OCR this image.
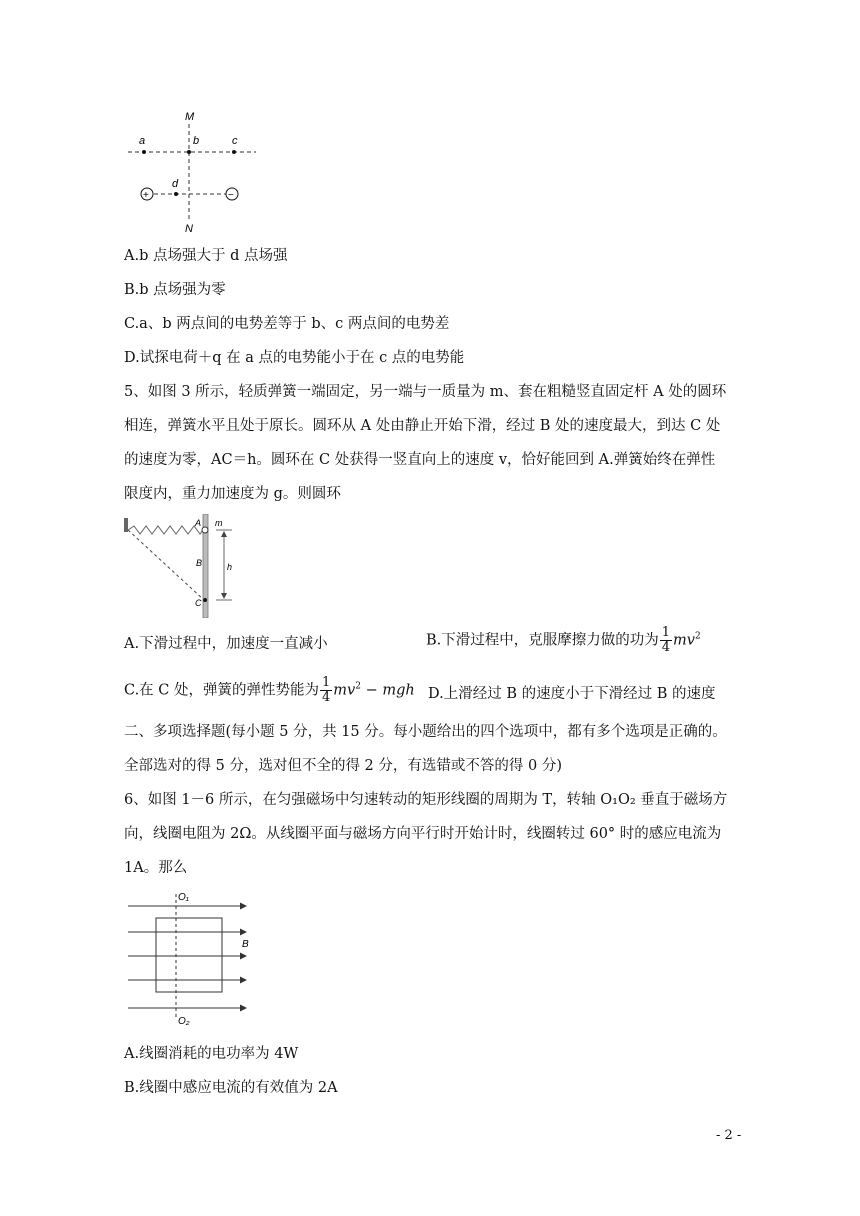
M
N
a	b	c
d
+	−
A.b 点场强大于 d 点场强
B.b 点场强为零
C.a、b 两点间的电势差等于 b、c 两点间的电势差
D.试探电荷＋q 在 a 点的电势能小于在 c 点的电势能
5、如图 3 所示，轻质弹簧一端固定，另一端与一质量为 m、套在粗糙竖直固定杆 A 处的圆环
相连，弹簧水平且处于原长。圆环从 A 处由静止开始下滑，经过 B 处的速度最大，到达 C 处
的速度为零，AC＝h。圆环在 C 处获得一竖直向上的速度 v，恰好能回到 A.弹簧始终在弹性
限度内，重力加速度为 g。则圆环
A m
B	h
C
A.下滑过程中，加速度一直减小	B.下滑过程中，克服摩擦力做的功为 $\frac{1}{4} mv^2$
C.在 C 处，弹簧的弹性势能为 $\frac{1}{4} mv^2$ − mgh D.上滑经过 B 的速度小于下滑经过 B 的速度
二、多项选择题(每小题 5 分，共 15 分。每小题给出的四个选项中，都有多个选项是正确的。
全部选对的得 5 分，选对但不全的得 2 分，有选错或不答的得 0 分)
6、如图 1－6 所示，在匀强磁场中匀速转动的矩形线圈的周期为 T，转轴 O₁O₂ 垂直于磁场方
向，线圈电阻为 2Ω。从线圈平面与磁场方向平行时开始计时，线圈转过 60° 时的感应电流为
1A。那么
O₁
O₂
B
A.线圈消耗的电功率为 4W
B.线圈中感应电流的有效值为 2A
- 2 -
